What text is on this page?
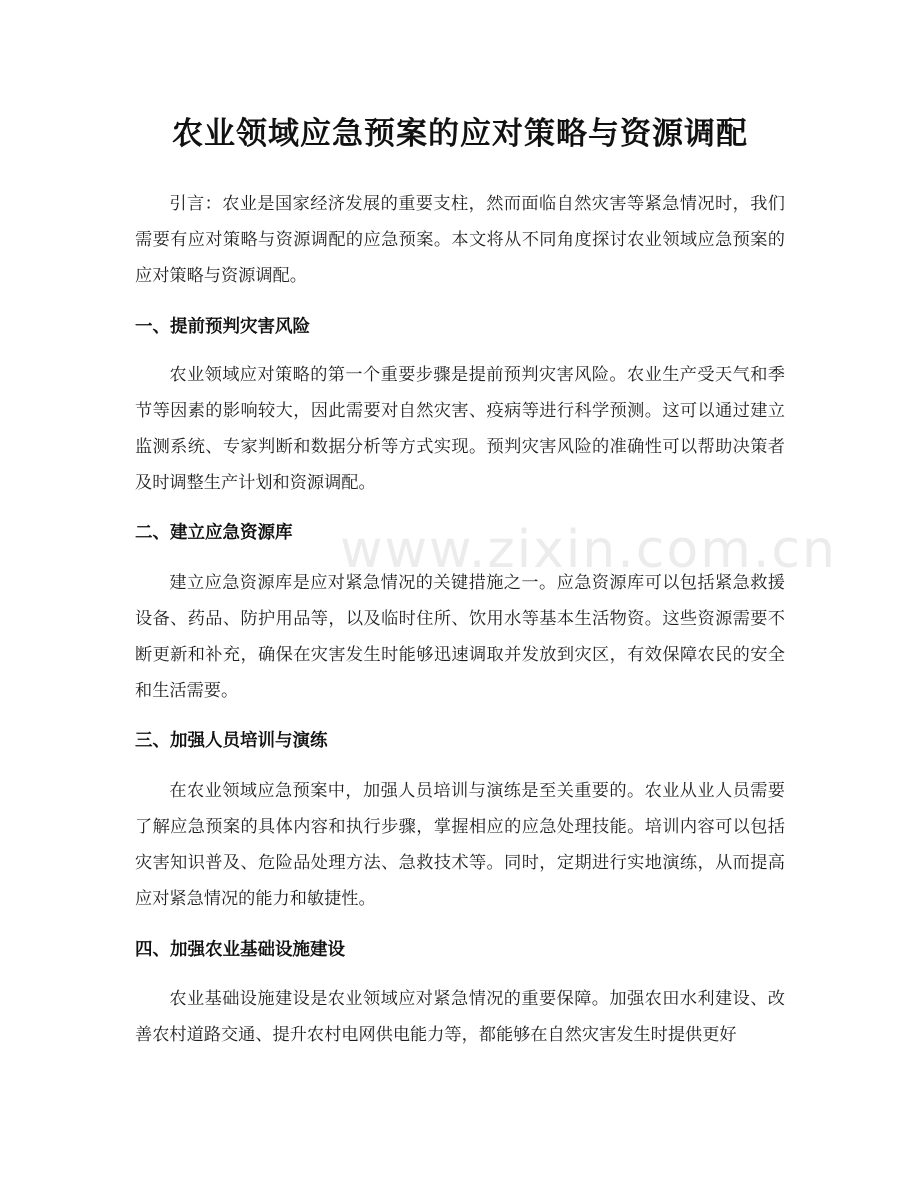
www.zixin.com.cn
农业领域应急预案的应对策略与资源调配

引言：农业是国家经济发展的重要支柱，然而面临自然灾害等紧急情况时，我们需要有应对策略与资源调配的应急预案。本文将从不同角度探讨农业领域应急预案的应对策略与资源调配。

一、提前预判灾害风险

农业领域应对策略的第一个重要步骤是提前预判灾害风险。农业生产受天气和季节等因素的影响较大，因此需要对自然灾害、疫病等进行科学预测。这可以通过建立监测系统、专家判断和数据分析等方式实现。预判灾害风险的准确性可以帮助决策者及时调整生产计划和资源调配。

二、建立应急资源库

建立应急资源库是应对紧急情况的关键措施之一。应急资源库可以包括紧急救援设备、药品、防护用品等，以及临时住所、饮用水等基本生活物资。这些资源需要不断更新和补充，确保在灾害发生时能够迅速调取并发放到灾区，有效保障农民的安全和生活需要。

三、加强人员培训与演练

在农业领域应急预案中，加强人员培训与演练是至关重要的。农业从业人员需要了解应急预案的具体内容和执行步骤，掌握相应的应急处理技能。培训内容可以包括灾害知识普及、危险品处理方法、急救技术等。同时，定期进行实地演练，从而提高应对紧急情况的能力和敏捷性。

四、加强农业基础设施建设

农业基础设施建设是农业领域应对紧急情况的重要保障。加强农田水利建设、改善农村道路交通、提升农村电网供电能力等，都能够在自然灾害发生时提供更好
